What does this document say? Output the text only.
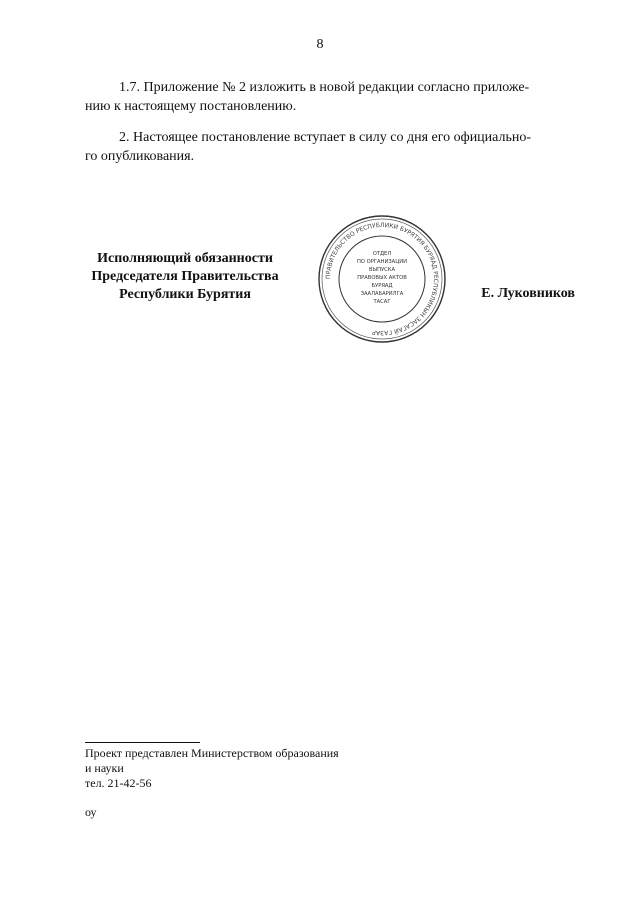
8
1.7. Приложение № 2 изложить в новой редакции согласно приложе-
нию к настоящему постановлению.
2. Настоящее постановление вступает в силу со дня его официально-
го опубликования.
Исполняющий обязанности
Председателя Правительства
Республики Бурятия
ПРАВИТЕЛЬСТВО РЕСПУБЛИКИ БУРЯТИЯ БУРЯАД РЕСПУБЛИКЫН ЗАСАГАЙ ГАЗАР
ОТДЕЛ
ПО ОРГАНИЗАЦИИ
ВЫПУСКА
ПРАВОВЫХ АКТОВ
БУРЯАД
ЗААЛАБАРИЛГА
ТАСАГ
Е. Луковников
Проект представлен Министерством образования
и науки
тел. 21-42-56
оу
